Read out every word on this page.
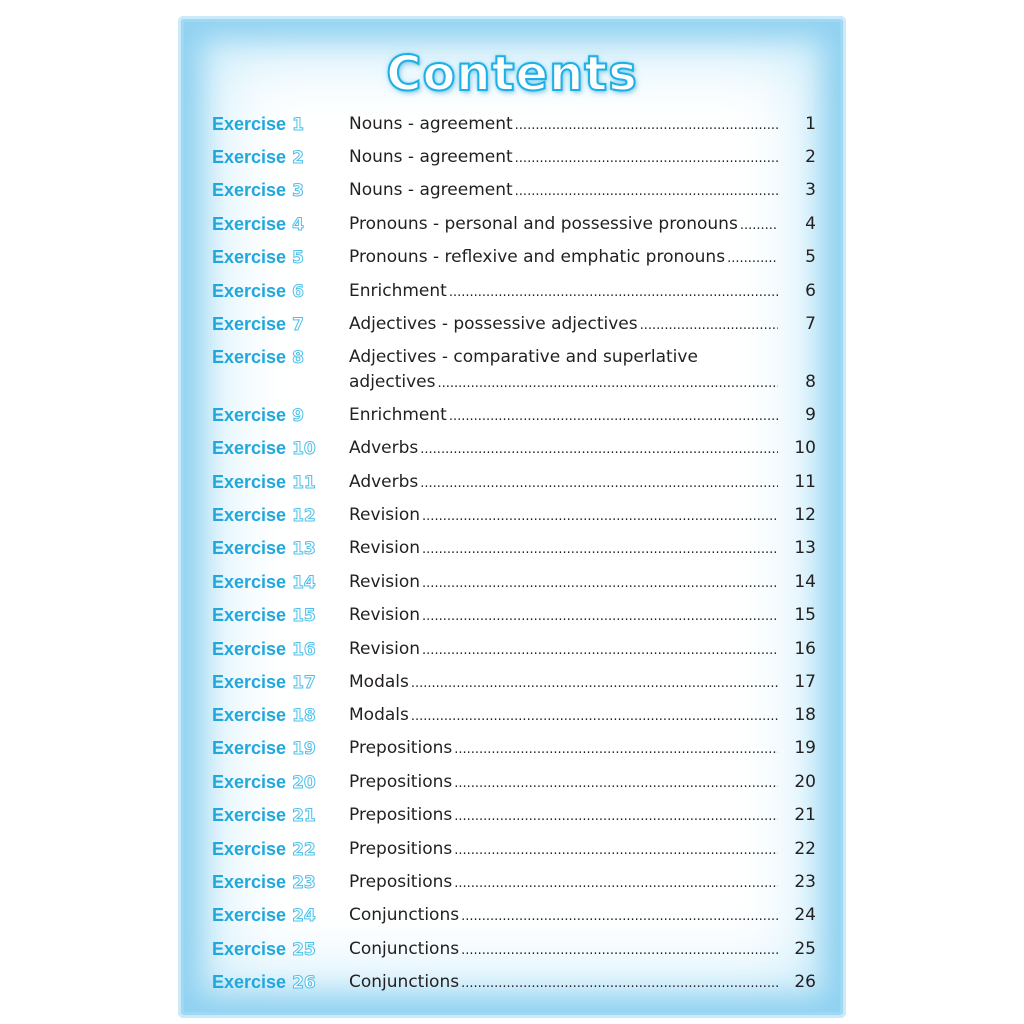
Contents
Exercise 1	Nouns - agreement .....	1
Exercise 2	Nouns - agreement .....	2
Exercise 3	Nouns - agreement .....	3
Exercise 4	Pronouns - personal and possessive pronouns .....	4
Exercise 5	Pronouns - reflexive and emphatic pronouns .....	5
Exercise 6	Enrichment .....	6
Exercise 7	Adjectives - possessive adjectives .....	7
Exercise 8	Adjectives - comparative and superlative
adjectives .....	8
Exercise 9	Enrichment .....	9
Exercise 10 Adverbs .....	10
Exercise 11 Adverbs .....	11
Exercise 12 Revision .....	12
Exercise 13 Revision .....	13
Exercise 14 Revision .....	14
Exercise 15 Revision .....	15
Exercise 16 Revision .....	16
Exercise 17 Modals .....	17
Exercise 18 Modals .....	18
Exercise 19 Prepositions .....	19
Exercise 20 Prepositions .....	20
Exercise 21 Prepositions .....	21
Exercise 22 Prepositions .....	22
Exercise 23 Prepositions .....	23
Exercise 24 Conjunctions .....	24
Exercise 25 Conjunctions .....	25
Exercise 26 Conjunctions .....	26
